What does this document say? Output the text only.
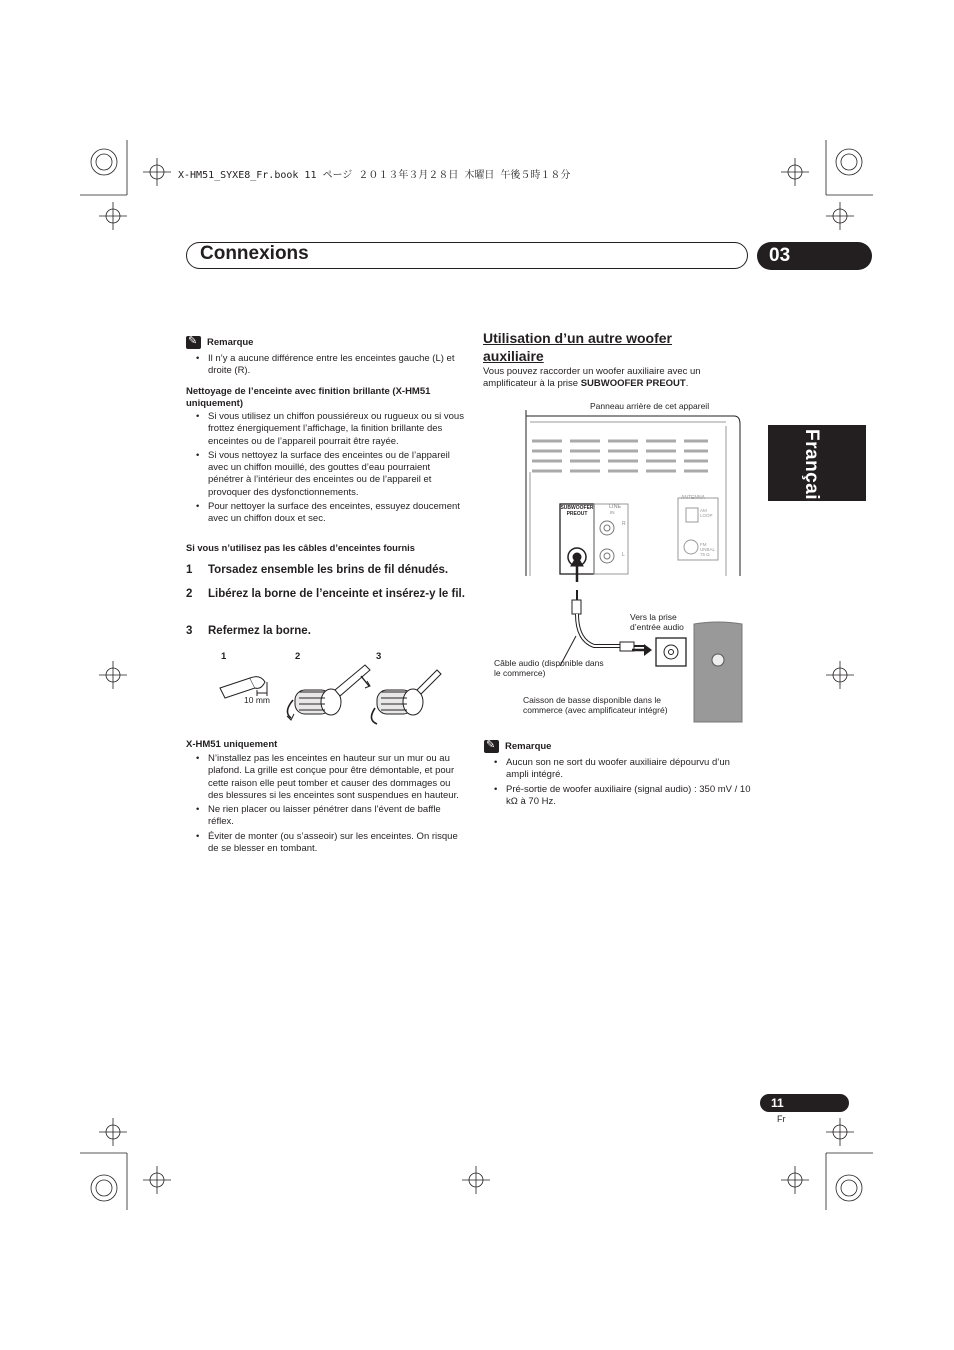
X-HM51_SYXE8_Fr.book 11 ページ ２０１３年３月２８日 木曜日 午後５時１８分
Connexions	03
Français
✎
Remarque
• Il n’y a aucune différence entre les enceintes gauche (L) et droite (R).
Nettoyage de l’enceinte avec finition brillante (X-HM51 uniquement)
• Si vous utilisez un chiffon poussiéreux ou rugueux ou si vous frottez énergiquement l’affichage, la finition brillante des enceintes ou de l’appareil pourrait être rayée.
• Si vous nettoyez la surface des enceintes ou de l’appareil avec un chiffon mouillé, des gouttes d’eau pourraient pénétrer à l’intérieur des enceintes ou de l’appareil et provoquer des dysfonctionnements.
• Pour nettoyer la surface des enceintes, essuyez doucement avec un chiffon doux et sec.
Si vous n’utilisez pas les câbles d’enceintes fournis
1 Torsadez ensemble les brins de fil dénudés.
2 Libérez la borne de l’enceinte et insérez-y le fil.
3 Refermez la borne.
1	2	3
10 mm
X-HM51 uniquement
• N’installez pas les enceintes en hauteur sur un mur ou au plafond. La grille est conçue pour être démontable, et pour cette raison elle peut tomber et causer des dommages ou des blessures si les enceintes sont suspendues en hauteur.
• Ne rien placer ou laisser pénétrer dans l’évent de baffle réflex.
• Éviter de monter (ou s’asseoir) sur les enceintes. On risque de se blesser en tombant.
Utilisation d’un autre woofer auxiliaire
Vous pouvez raccorder un woofer auxiliaire avec un amplificateur à la prise SUBWOOFER PREOUT.
Panneau arrière de cet appareil
SUBWOOFER PREOUT
LINE
IN
R
L
ANTENNA
AM LOOP
FM UNBAL 75 Ω
Vers la prise d’entrée audio
Câble audio (disponible dans le commerce)
Caisson de basse disponible dans le commerce (avec amplificateur intégré)
✎
Remarque
• Aucun son ne sort du woofer auxiliaire dépourvu d’un ampli intégré.
• Pré-sortie de woofer auxiliaire (signal audio) : 350 mV / 10 kΩ à 70 Hz.
11
Fr
